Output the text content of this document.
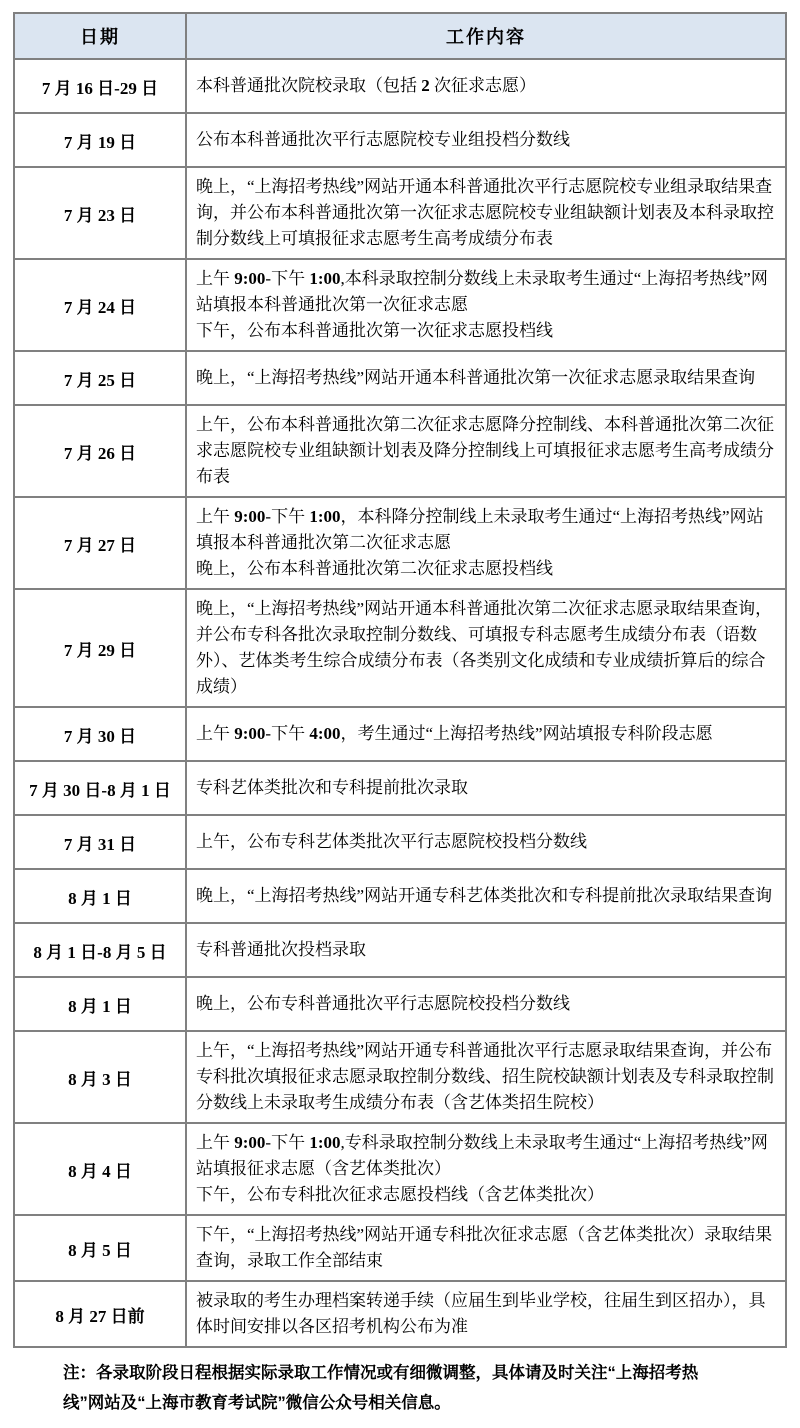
日期	工作内容
7 月 16 日-29 日	本科普通批次院校录取（包括 2 次征求志愿）

7 月 19 日	公布本科普通批次平行志愿院校专业组投档分数线

7 月 23 日	晚上，“上海招考热线”网站开通本科普通批次平行志愿院校专业组录取结果查询，并公布本科普通批次第一次征求志愿院校专业组缺额计划表及本科录取控制分数线上可填报征求志愿考生高考成绩分布表

7 月 24 日	上午 9:00-下午 1:00,本科录取控制分数线上未录取考生通过“上海招考热线”网站填报本科普通批次第一次征求志愿
下午，公布本科普通批次第一次征求志愿投档线

7 月 25 日	晚上，“上海招考热线”网站开通本科普通批次第一次征求志愿录取结果查询

7 月 26 日	上午，公布本科普通批次第二次征求志愿降分控制线、本科普通批次第二次征求志愿院校专业组缺额计划表及降分控制线上可填报征求志愿考生高考成绩分布表

7 月 27 日	上午 9:00-下午 1:00，本科降分控制线上未录取考生通过“上海招考热线”网站填报本科普通批次第二次征求志愿
晚上，公布本科普通批次第二次征求志愿投档线

7 月 29 日	晚上，“上海招考热线”网站开通本科普通批次第二次征求志愿录取结果查询，并公布专科各批次录取控制分数线、可填报专科志愿考生成绩分布表（语数外）、艺体类考生综合成绩分布表（各类别文化成绩和专业成绩折算后的综合成绩）

7 月 30 日	上午 9:00-下午 4:00，考生通过“上海招考热线”网站填报专科阶段志愿

7 月 30 日-8 月 1 日	专科艺体类批次和专科提前批次录取

7 月 31 日	上午，公布专科艺体类批次平行志愿院校投档分数线

8 月 1 日	晚上，“上海招考热线”网站开通专科艺体类批次和专科提前批次录取结果查询

8 月 1 日-8 月 5 日	专科普通批次投档录取

8 月 1 日	晚上，公布专科普通批次平行志愿院校投档分数线

8 月 3 日	上午，“上海招考热线”网站开通专科普通批次平行志愿录取结果查询，并公布专科批次填报征求志愿录取控制分数线、招生院校缺额计划表及专科录取控制分数线上未录取考生成绩分布表（含艺体类招生院校）

8 月 4 日	上午 9:00-下午 1:00,专科录取控制分数线上未录取考生通过“上海招考热线”网站填报征求志愿（含艺体类批次）
下午，公布专科批次征求志愿投档线（含艺体类批次）

8 月 5 日	下午，“上海招考热线”网站开通专科批次征求志愿（含艺体类批次）录取结果查询，录取工作全部结束

8 月 27 日前	被录取的考生办理档案转递手续（应届生到毕业学校，往届生到区招办），具体时间安排以各区招考机构公布为准

注：各录取阶段日程根据实际录取工作情况或有细微调整，具体请及时关注“上海招考热线”网站及“上海市教育考试院”微信公众号相关信息。
